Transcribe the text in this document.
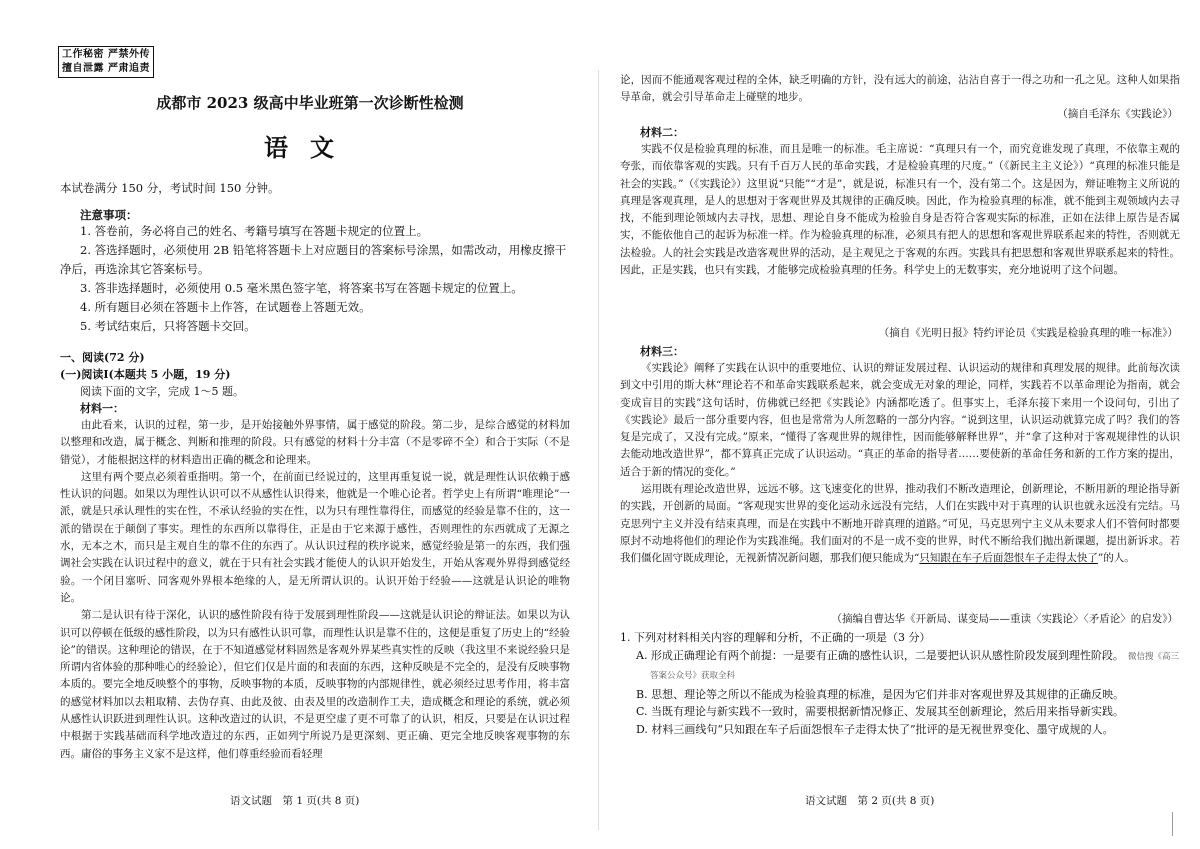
工作秘密 严禁外传
擅自泄露 严肃追责
成都市 2023 级高中毕业班第一次诊断性检测
语文
本试卷满分 150 分，考试时间 150 分钟。
注意事项：

1. 答卷前，务必将自己的姓名、考籍号填写在答题卡规定的位置上。

2. 答选择题时，必须使用 2B 铅笔将答题卡上对应题目的答案标号涂黑，如需改动，用橡皮擦干净后，再选涂其它答案标号。

3. 答非选择题时，必须使用 0.5 毫米黑色签字笔，将答案书写在答题卡规定的位置上。

4. 所有题目必须在答题卡上作答，在试题卷上答题无效。

5. 考试结束后，只将答题卡交回。

一、阅读(72 分)
(一)阅读Ⅰ(本题共 5 小题，19 分)
阅读下面的文字，完成 1～5 题。
材料一：

由此看来，认识的过程，第一步，是开始接触外界事情，属于感觉的阶段。第二步，是综合感觉的材料加以整理和改造，属于概念、判断和推理的阶段。只有感觉的材料十分丰富（不是零碎不全）和合于实际（不是错觉），才能根据这样的材料造出正确的概念和论理来。

这里有两个要点必须着重指明。第一个，在前面已经说过的，这里再重复说一说，就是理性认识依赖于感性认识的问题。如果以为理性认识可以不从感性认识得来，他就是一个唯心论者。哲学史上有所谓“唯理论”一派，就是只承认理性的实在性，不承认经验的实在性，以为只有理性靠得住，而感觉的经验是靠不住的，这一派的错误在于颠倒了事实。理性的东西所以靠得住，正是由于它来源于感性，否则理性的东西就成了无源之水，无本之木，而只是主观自生的靠不住的东西了。从认识过程的秩序说来，感觉经验是第一的东西，我们强调社会实践在认识过程中的意义，就在于只有社会实践才能使人的认识开始发生，开始从客观外界得到感觉经验。一个闭目塞听、同客观外界根本绝缘的人，是无所谓认识的。认识开始于经验——这就是认识论的唯物论。

第二是认识有待于深化，认识的感性阶段有待于发展到理性阶段——这就是认识论的辩证法。如果以为认识可以停顿在低级的感性阶段，以为只有感性认识可靠，而理性认识是靠不住的，这便是重复了历史上的“经验论”的错误。这种理论的错误，在于不知道感觉材料固然是客观外界某些真实性的反映（我这里不来说经验只是所谓内省体验的那种唯心的经验论），但它们仅是片面的和表面的东西，这种反映是不完全的，是没有反映事物本质的。要完全地反映整个的事物，反映事物的本质，反映事物的内部规律性，就必须经过思考作用，将丰富的感觉材料加以去粗取精、去伪存真、由此及彼、由表及里的改造制作工夫，造成概念和理论的系统，就必须从感性认识跃进到理性认识。这种改造过的认识，不是更空虚了更不可靠了的认识，相反，只要是在认识过程中根据于实践基础而科学地改造过的东西，正如列宁所说乃是更深刻、更正确、更完全地反映客观事物的东西。庸俗的事务主义家不是这样，他们尊重经验而看轻理

语文试题　第 1 页(共 8 页)

论，因而不能通观客观过程的全体，缺乏明确的方针，没有远大的前途，沾沾自喜于一得之功和一孔之见。这种人如果指导革命，就会引导革命走上碰壁的地步。

（摘自毛泽东《实践论》）
材料二：

实践不仅是检验真理的标准，而且是唯一的标准。毛主席说：“真理只有一个，而究竟谁发现了真理，不依靠主观的夸张，而依靠客观的实践。只有千百万人民的革命实践，才是检验真理的尺度。”（《新民主主义论》）“真理的标准只能是社会的实践。”（《实践论》）这里说“只能”“才是”，就是说，标准只有一个，没有第二个。这是因为，辩证唯物主义所说的真理是客观真理，是人的思想对于客观世界及其规律的正确反映。因此，作为检验真理的标准，就不能到主观领域内去寻找，不能到理论领域内去寻找，思想、理论自身不能成为检验自身是否符合客观实际的标准，正如在法律上原告是否属实，不能依他自己的起诉为标准一样。作为检验真理的标准，必须具有把人的思想和客观世界联系起来的特性，否则就无法检验。人的社会实践是改造客观世界的活动，是主观见之于客观的东西。实践具有把思想和客观世界联系起来的特性。因此，正是实践，也只有实践，才能够完成检验真理的任务。科学史上的无数事实，充分地说明了这个问题。

（摘自《光明日报》特约评论员《实践是检验真理的唯一标准》）
材料三：

《实践论》阐释了实践在认识中的重要地位、认识的辩证发展过程、认识运动的规律和真理发展的规律。此前每次读到文中引用的斯大林“理论若不和革命实践联系起来，就会变成无对象的理论，同样，实践若不以革命理论为指南，就会变成盲目的实践”这句话时，仿佛就已经把《实践论》内涵都吃透了。但事实上，毛泽东接下来用一个设问句，引出了《实践论》最后一部分重要内容，但也是常常为人所忽略的一部分内容。“说到这里，认识运动就算完成了吗？我们的答复是完成了，又没有完成。”原来，“懂得了客观世界的规律性，因而能够解释世界”，并“拿了这种对于客观规律性的认识去能动地改造世界”，都不算真正完成了认识运动。“真正的革命的指导者……要使新的革命任务和新的工作方案的提出，适合于新的情况的变化。”

运用既有理论改造世界，远远不够。这飞速变化的世界，推动我们不断改造理论，创新理论，不断用新的理论指导新的实践，开创新的局面。“客观现实世界的变化运动永远没有完结，人们在实践中对于真理的认识也就永远没有完结。马克思列宁主义并没有结束真理，而是在实践中不断地开辟真理的道路。”可见，马克思列宁主义从未要求人们不管何时都要原封不动地将他们的理论作为实践准绳。我们面对的不是一成不变的世界，时代不断给我们抛出新课题，提出新诉求。若我们僵化固守既成理论，无视新情况新问题，那我们便只能成为“只知跟在车子后面怨恨车子走得太快了”的人。

（摘编自曹达华《开新局、谋变局——重读〈实践论〉〈矛盾论〉的启发》）

1. 下列对材料相关内容的理解和分析，不正确的一项是（3 分）

A. 形成正确理论有两个前提：一是要有正确的感性认识，二是要把认识从感性阶段发展到理性阶段。 微信搜《高三答案公众号》获取全科

B. 思想、理论等之所以不能成为检验真理的标准，是因为它们并非对客观世界及其规律的正确反映。

C. 当既有理论与新实践不一致时，需要根据新情况修正、发展其至创新理论，然后用来指导新实践。

D. 材料三画线句“只知跟在车子后面怨恨车子走得太快了”批评的是无视世界变化、墨守成规的人。

语文试题　第 2 页(共 8 页)
